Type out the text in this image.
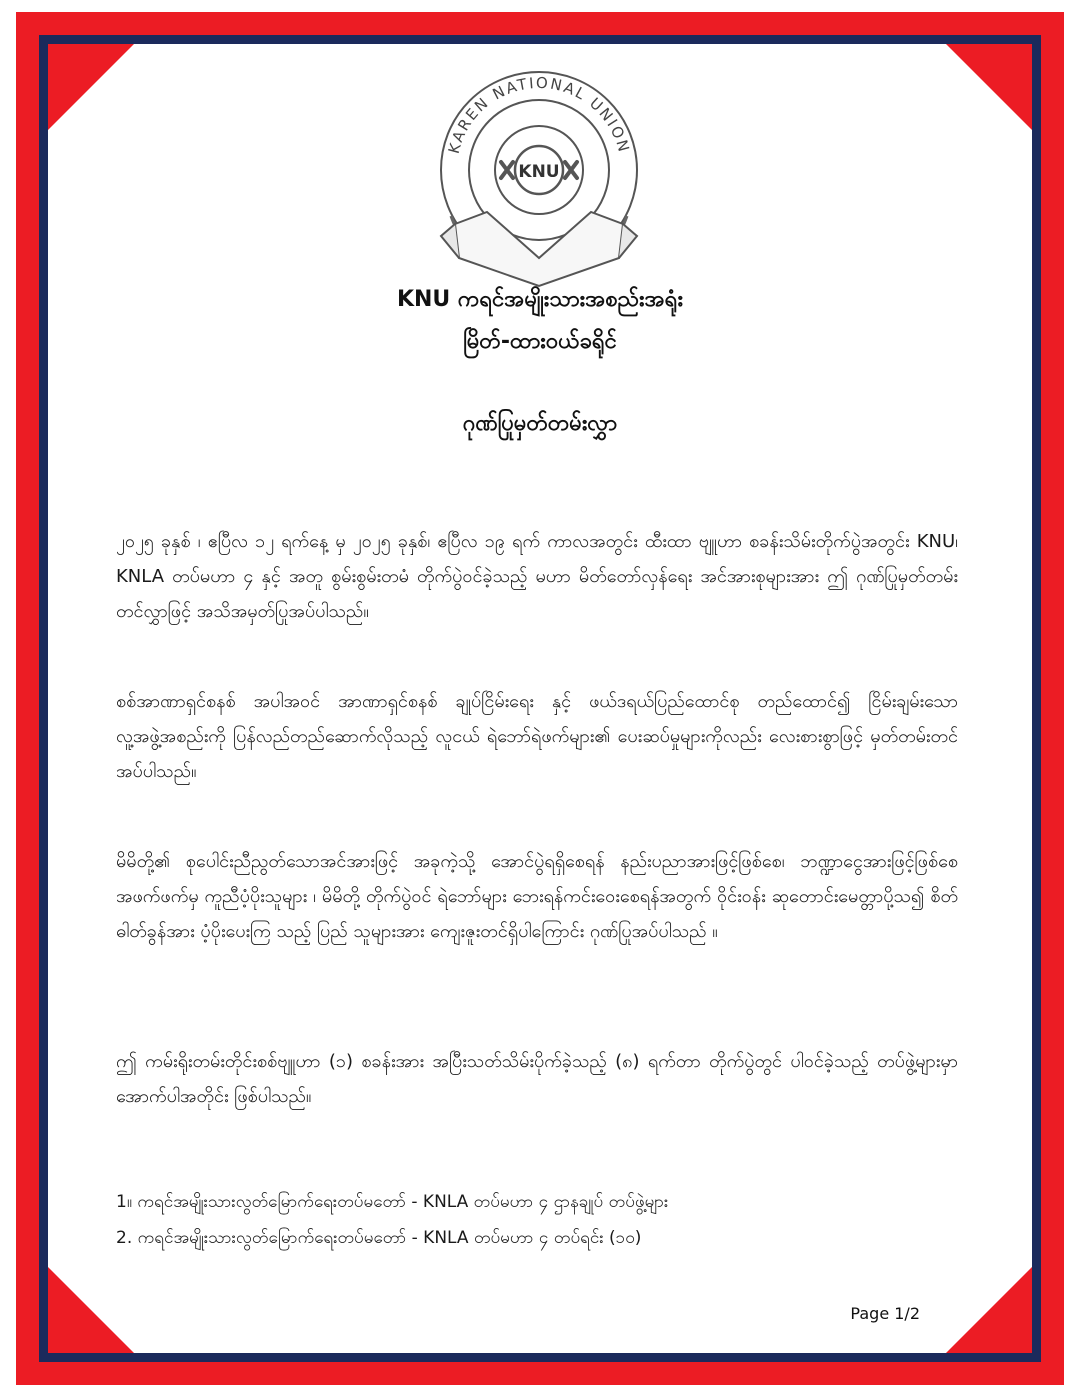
KAREN NATIONAL UNION
KNU
KNU ကရင်အမျိုးသားအစည်းအရုံး
မြိတ်-ထားဝယ်ခရိုင်
ဂုဏ်ပြုမှတ်တမ်းလွှာ

၂၀၂၅ ခုနှစ် ၊ ဧပြီလ ၁၂ ရက်နေ့ မှ ၂၀၂၅ ခုနှစ်၊ ဧပြီလ ၁၉ ရက် ကာလအတွင်း ထီးထာ ဗျူဟာ စခန်းသိမ်းတိုက်ပွဲအတွင်း KNU၊ KNLA တပ်မဟာ ၄ နှင့် အတူ စွမ်းစွမ်းတမံ တိုက်ပွဲဝင်ခဲ့သည့် မဟာ မိတ်တော်လှန်ရေး အင်အားစုများအား ဤ ဂုဏ်ပြုမှတ်တမ်းတင်လွှာဖြင့် အသိအမှတ်ပြုအပ်ပါသည်။

စစ်အာဏာရှင်စနစ် အပါအဝင် အာဏာရှင်စနစ် ချုပ်ငြိမ်းရေး နှင့် ဖယ်ဒရယ်ပြည်ထောင်စု တည်ထောင်၍ ငြိမ်းချမ်းသော လူ့အဖွဲ့အစည်းကို ပြန်လည်တည်ဆောက်လိုသည့် လူငယ် ရဲဘော်ရဲဖက်များ၏ ပေးဆပ်မှုများကိုလည်း လေးစားစွာဖြင့် မှတ်တမ်းတင်အပ်ပါသည်။

မိမိတို့၏ စုပေါင်းညီညွတ်သောအင်အားဖြင့် အခုကဲ့သို့ အောင်ပွဲရရှိစေရန် နည်းပညာအားဖြင့်ဖြစ်စေ၊ ဘဏ္ဍာငွေအားဖြင့်ဖြစ်စေ အဖက်ဖက်မှ ကူညီပံ့ပိုးသူများ ၊ မိမိတို့ တိုက်ပွဲဝင် ရဲဘော်များ ဘေးရန်ကင်းဝေးစေရန်အတွက် ဝိုင်းဝန်း ဆုတောင်းမေတ္တာပို့သ၍ စိတ်ဓါတ်ခွန်အား ပံ့ပိုးပေးကြ သည့် ပြည် သူများအား ကျေးဇူးတင်ရှိပါကြောင်း ဂုဏ်ပြုအပ်ပါသည် ။

ဤ ကမ်းရိုးတမ်းတိုင်းစစ်ဗျူဟာ (၁) စခန်းအား အပြီးသတ်သိမ်းပိုက်ခဲ့သည့် (၈) ရက်တာ တိုက်ပွဲတွင် ပါဝင်ခဲ့သည့် တပ်ဖွဲ့များမှာ အောက်ပါအတိုင်း ဖြစ်ပါသည်။

1။ ကရင်အမျိုးသားလွတ်မြောက်ရေးတပ်မတော် - KNLA တပ်မဟာ ၄ ဌာနချုပ် တပ်ဖွဲ့များ
2. ကရင်အမျိုးသားလွတ်မြောက်ရေးတပ်မတော် - KNLA တပ်မဟာ ၄ တပ်ရင်း (၁၀)
Page 1/2
